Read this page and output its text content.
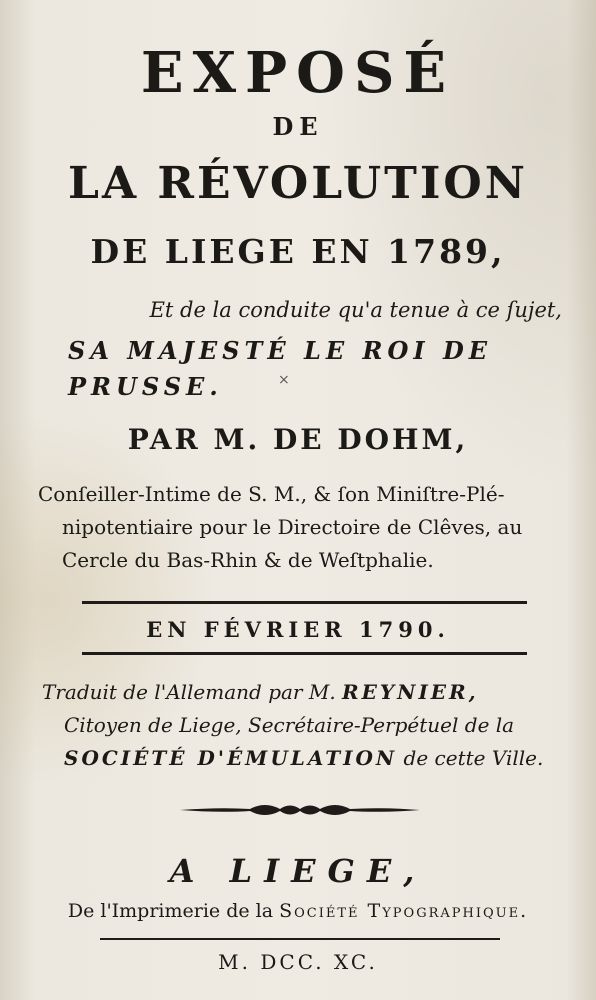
EXPOSÉ
DE
LA RÉVOLUTION
DE LIEGE EN 1789,
Et de la conduite qu'a tenue à ce ſujet,
SA MAJESTÉ LE ROI DE
PRUSSE.	×
PAR M. DE DOHM,
Conſeiller-Intime de S. M., & ſon Miniſtre-Plé-
nipotentiaire pour le Directoire de Clêves, au
Cercle du Bas-Rhin & de Weſtphalie.
EN FÉVRIER 1790.
Traduit de l'Allemand par M. REYNIER,
Citoyen de Liege, Secrétaire-Perpétuel de la
SOCIÉTÉ D'ÉMULATION de cette Ville.
A LIEGE,
De l'Imprimerie de la Société Typographique.
M. DCC. XC.
